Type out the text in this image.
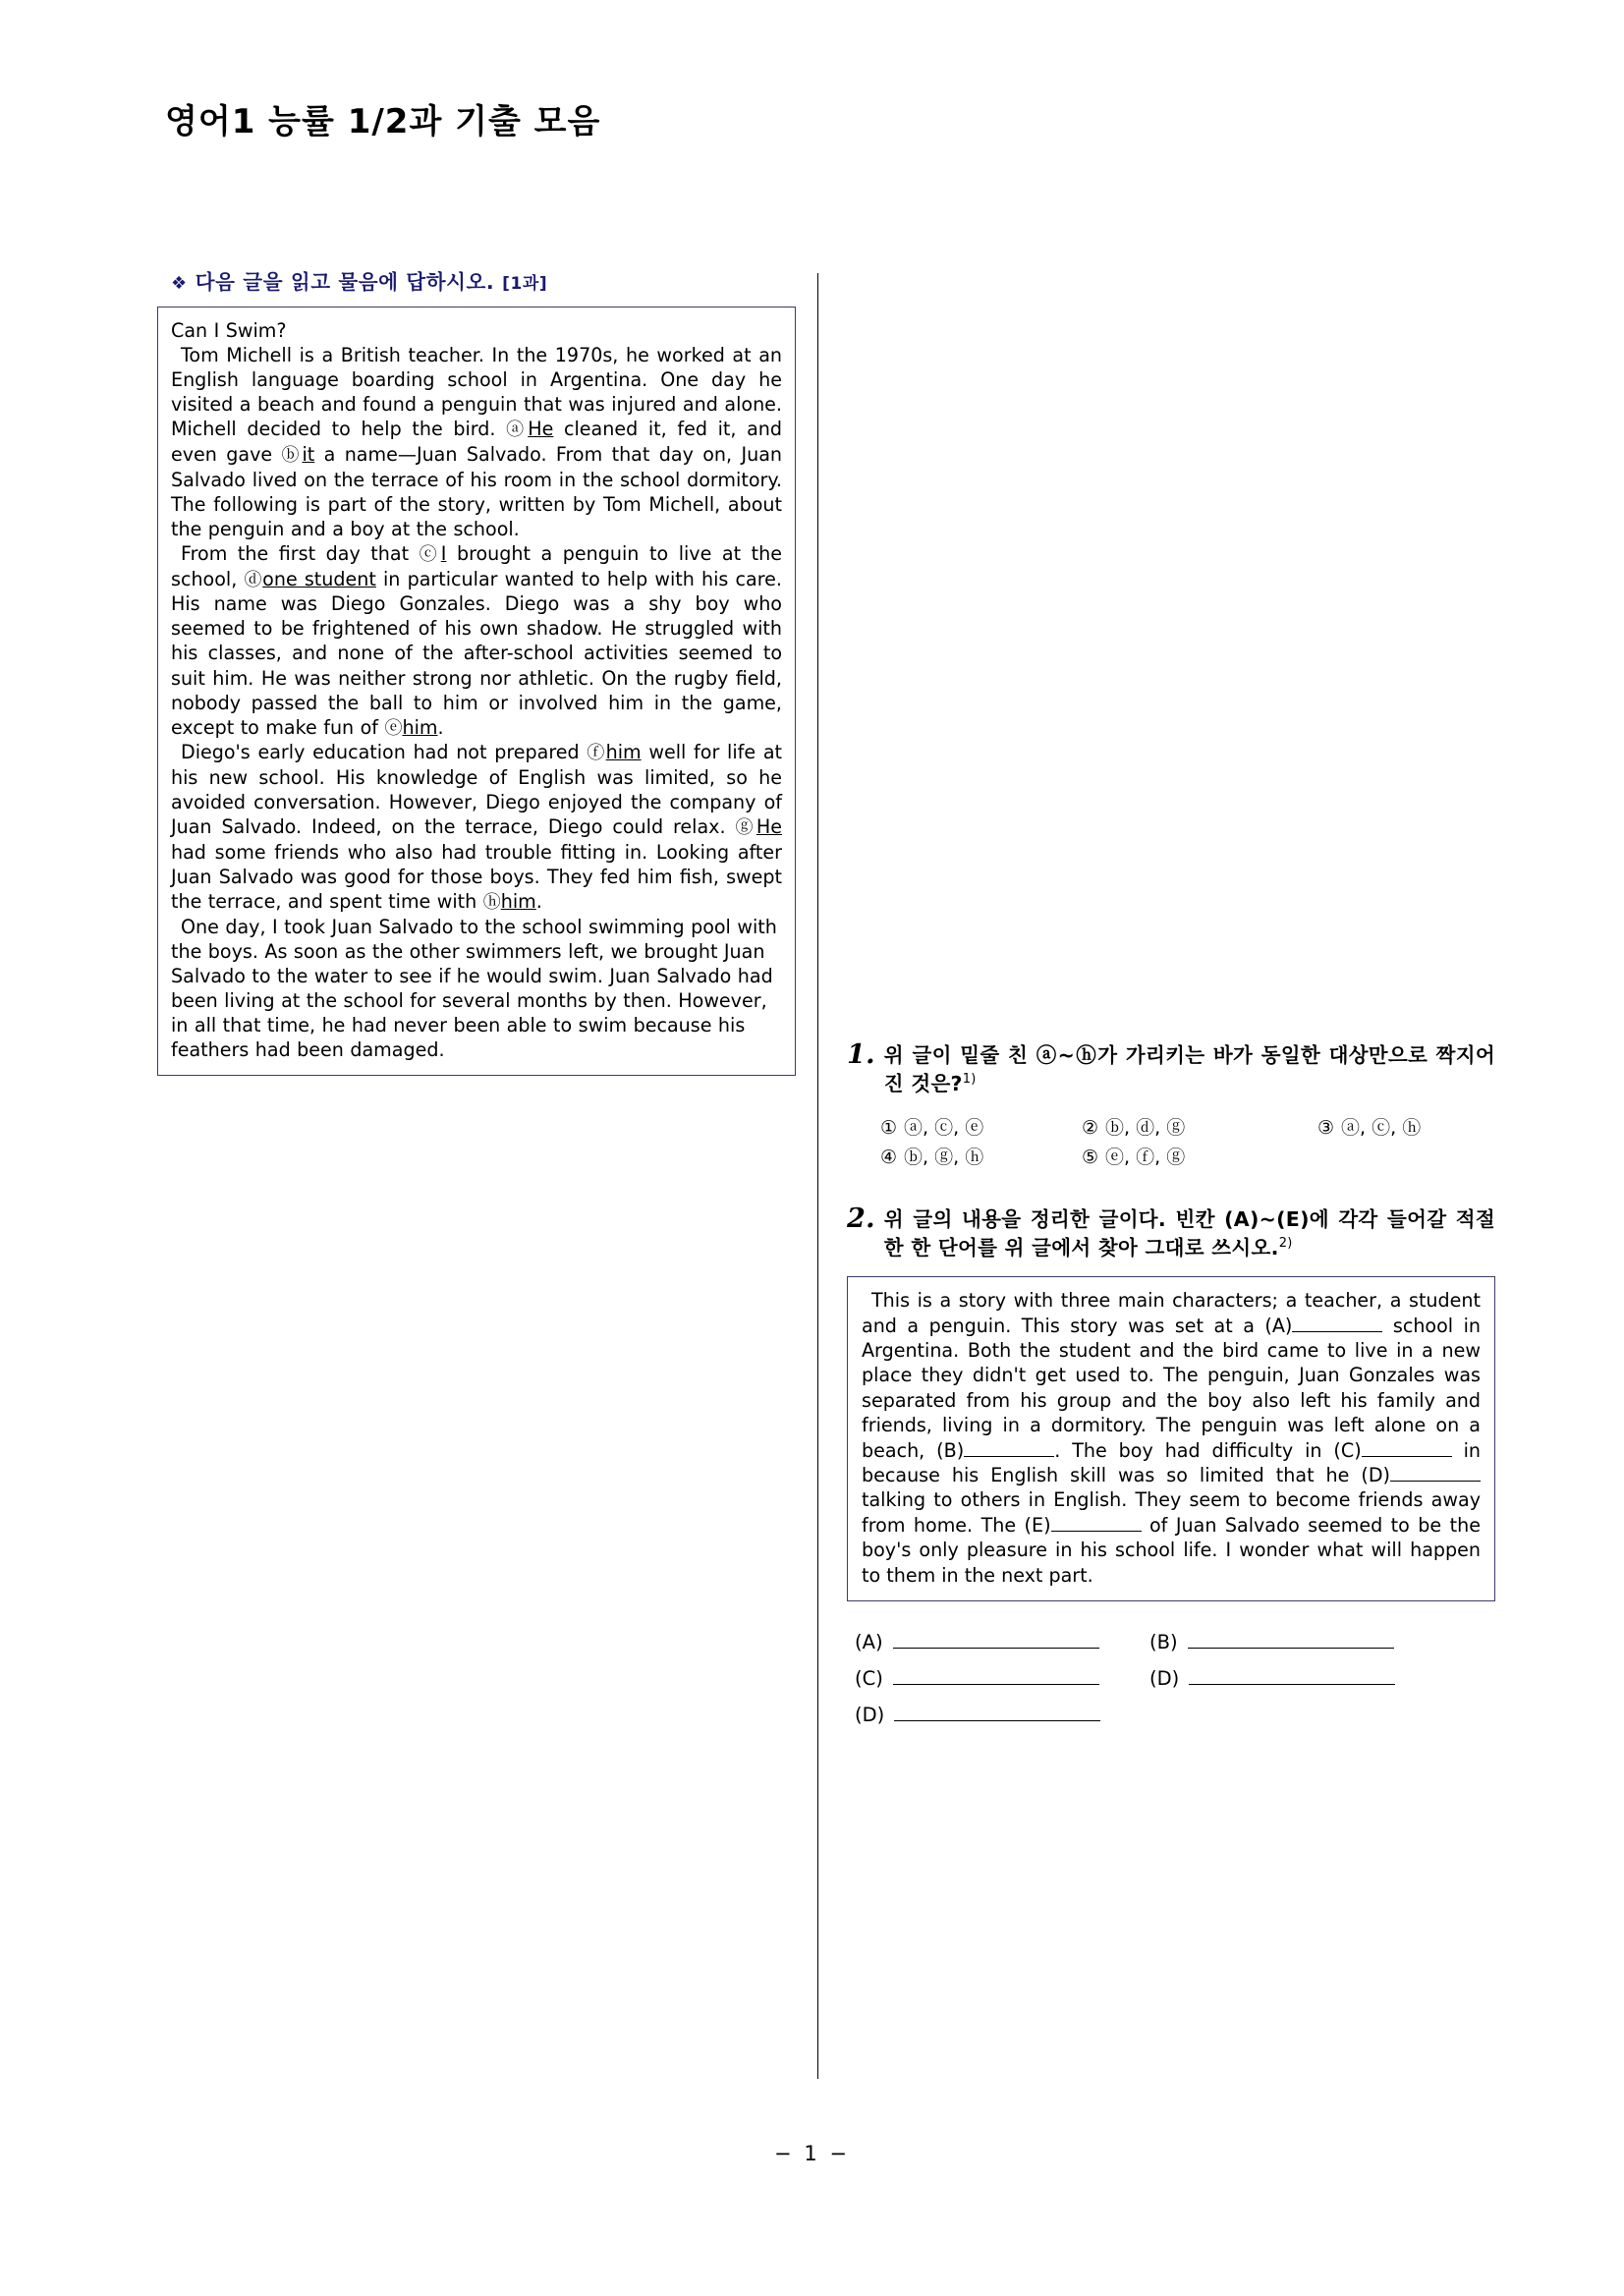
영어1 능률 1/2과 기출 모음
❖ 다음 글을 읽고 물음에 답하시오. [1과]

Can I Swim?

Tom Michell is a British teacher. In the 1970s, he worked at an English language boarding school in Argentina. One day he visited a beach and found a penguin that was injured and alone. Michell decided to help the bird. ⓐHe cleaned it, fed it, and even gave ⓑit a name—Juan Salvado. From that day on, Juan Salvado lived on the terrace of his room in the school dormitory. The following is part of the story, written by Tom Michell, about the penguin and a boy at the school.

From the first day that ⓒI brought a penguin to live at the school, ⓓone student in particular wanted to help with his care. His name was Diego Gonzales. Diego was a shy boy who seemed to be frightened of his own shadow. He struggled with his classes, and none of the after-school activities seemed to suit him. He was neither strong nor athletic. On the rugby field, nobody passed the ball to him or involved him in the game, except to make fun of ⓔhim.

Diego's early education had not prepared ⓕhim well for life at his new school. His knowledge of English was limited, so he avoided conversation. However, Diego enjoyed the company of Juan Salvado. Indeed, on the terrace, Diego could relax. ⓖHe had some friends who also had trouble fitting in. Looking after Juan Salvado was good for those boys. They fed him fish, swept the terrace, and spent time with ⓗhim.

One day, I took Juan Salvado to the school swimming pool with the boys. As soon as the other swimmers left, we brought Juan Salvado to the water to see if he would swim. Juan Salvado had been living at the school for several months by then. However, in all that time, he had never been able to swim because his feathers had been damaged.	1. 위 글이 밑줄 친 ⓐ~ⓗ가 가리키는 바가 동일한 대상만으로 짝지어진 것은?$^{1)}$
① ⓐ, ⓒ, ⓔ	② ⓑ, ⓓ, ⓖ	③ ⓐ, ⓒ, ⓗ
④ ⓑ, ⓖ, ⓗ	⑤ ⓔ, ⓕ, ⓖ
2. 위 글의 내용을 정리한 글이다. 빈칸 (A)~(E)에 각각 들어갈 적절한 한 단어를 위 글에서 찾아 그대로 쓰시오.$^{2)}$

This is a story with three main characters; a teacher, a student and a penguin. This story was set at a (A)	school in Argentina. Both the student and the bird came to live in a new place they didn't get used to. The penguin, Juan Gonzales was separated from his group and the boy also left his family and friends, living in a dormitory. The penguin was left alone on a beach, (B)	. The boy had difficulty in (C)	in because his English skill was so limited that he (D) talking to others in English. They seem to become friends away from home. The (E)	of Juan Salvado seemed to be the boy's only pleasure in his school life. I wonder what will happen to them in the next part.

(A)	(B)
(C)	(D)
(D)
− 1 −
